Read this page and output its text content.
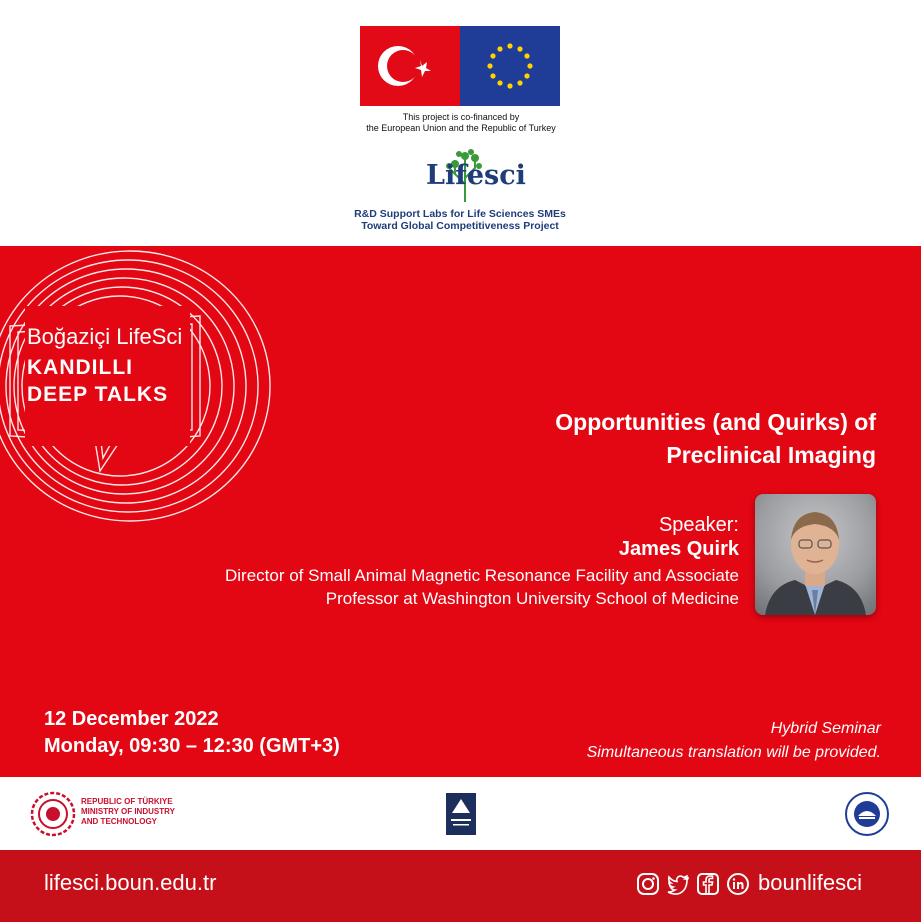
This project is co-financed by
the European Union and the Republic of Turkey
Lifesci
R&D Support Labs for Life Sciences SMEs
Toward Global Competitiveness Project
Boğaziçi LifeSci
KANDILLI
DEEP TALKS
Opportunities (and Quirks) of
Preclinical Imaging
Speaker:
James Quirk
Director of Small Animal Magnetic Resonance Facility and Associate
Professor at Washington University School of Medicine
12 December 2022
Monday, 09:30 – 12:30 (GMT+3)
Hybrid Seminar
Simultaneous translation will be provided.
REPUBLIC OF TÜRKIYE
MINISTRY OF INDUSTRY
AND TECHNOLOGY
lifesci.boun.edu.tr	bounlifesci
